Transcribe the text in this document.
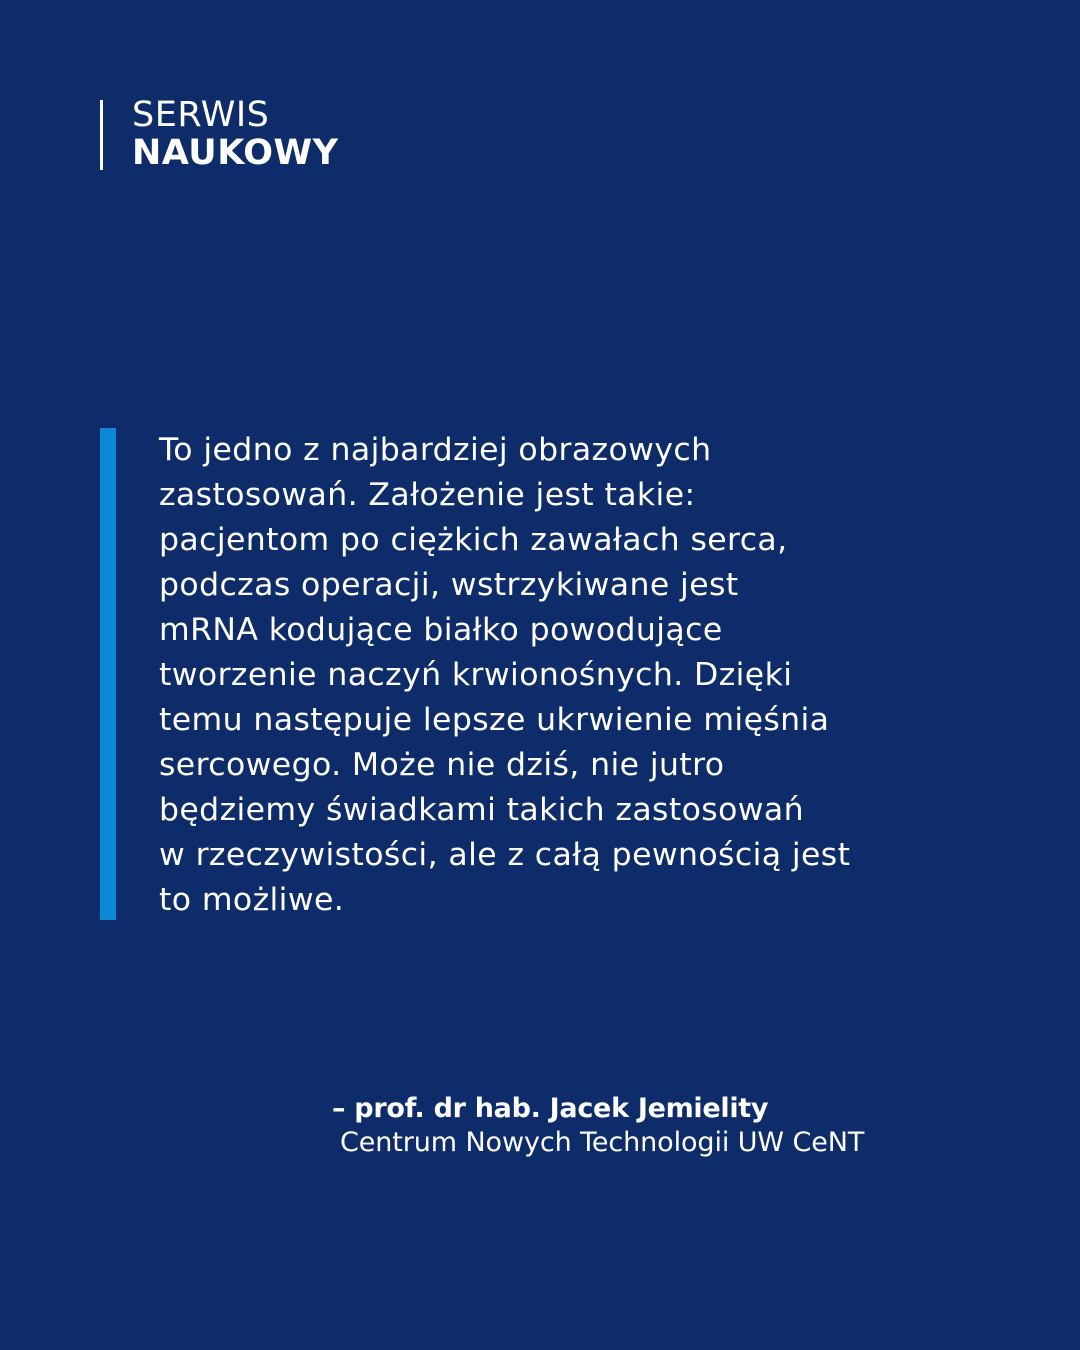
SERWIS
NAUKOWY
To jedno z najbardziej obrazowych
zastosowań. Założenie jest takie:
pacjentom po ciężkich zawałach serca,
podczas operacji, wstrzykiwane jest
mRNA kodujące białko powodujące
tworzenie naczyń krwionośnych. Dzięki
temu następuje lepsze ukrwienie mięśnia
sercowego. Może nie dziś, nie jutro
będziemy świadkami takich zastosowań
w rzeczywistości, ale z całą pewnością jest
to możliwe.
– prof. dr hab. Jacek Jemielity
Centrum Nowych Technologii UW CeNT
